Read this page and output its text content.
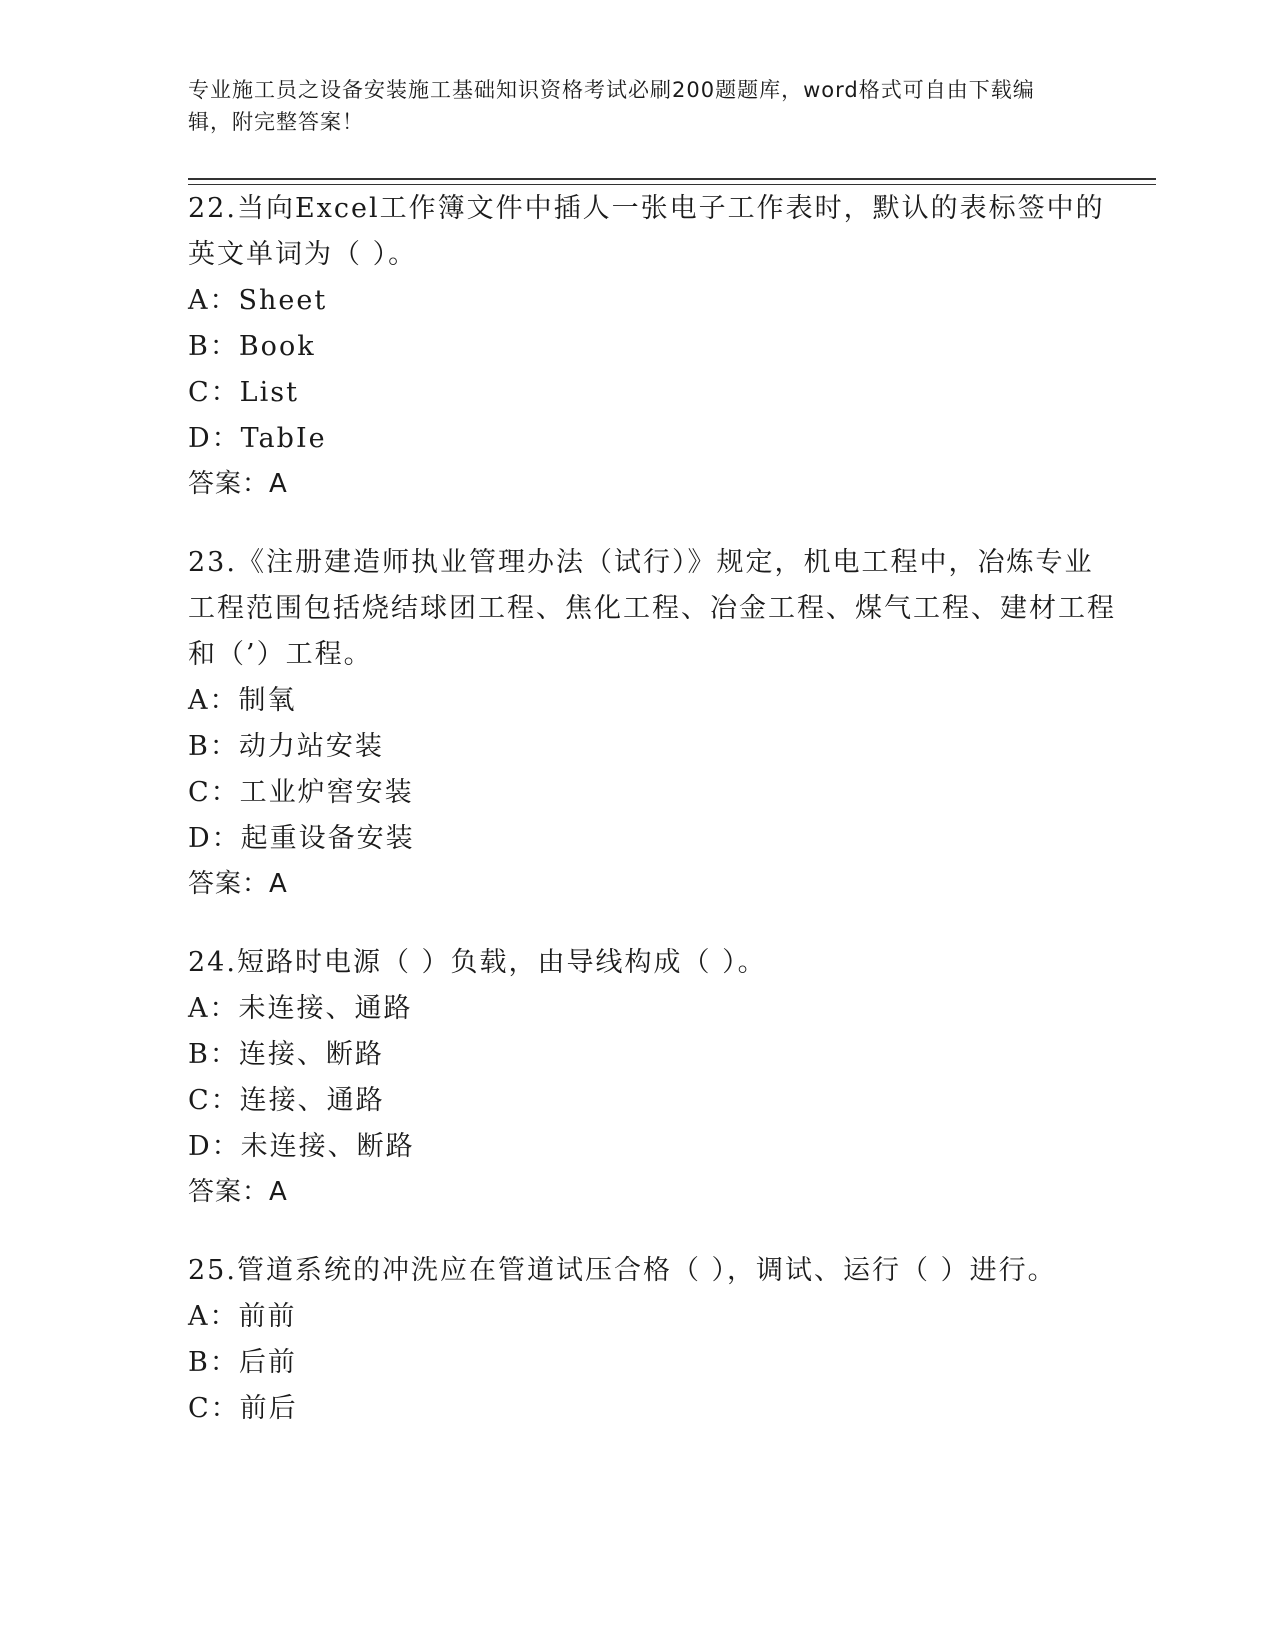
专业施工员之设备安装施工基础知识资格考试必刷200题题库，word格式可自由下载编辑，附完整答案！
22.当向Excel工作簿文件中插人一张电子工作表时，默认的表标签中的英文单词为（ ）。
A：Sheet
B：Book
C：List
D：TabIe
答案：A
23.《注册建造师执业管理办法（试行）》规定，机电工程中，冶炼专业工程范围包括烧结球团工程、焦化工程、冶金工程、煤气工程、建材工程和（’）工程。
A：制氧
B：动力站安装
C：工业炉窖安装
D：起重设备安装
答案：A
24.短路时电源（ ）负载，由导线构成（ ）。
A：未连接、通路
B：连接、断路
C：连接、通路
D：未连接、断路
答案：A
25.管道系统的冲洗应在管道试压合格（ ），调试、运行（ ）进行。
A：前前
B：后前
C：前后
